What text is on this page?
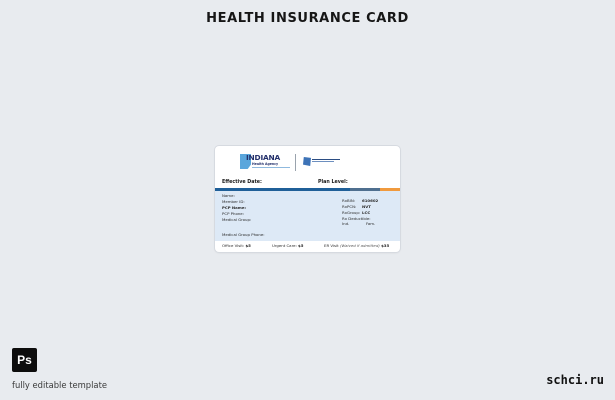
HEALTH INSURANCE CARD
INDIANA
Health Agency
Effective Date:	Plan Level:
Name:
Member ID:
PCP Name:
PCP Phone:
Medical Group:
Medical Group Phone:
RxBIN: 610602
RxPCN: NVT
RxGroup: LCC
Rx Deductible:
Ind.	Fam.
Office Visit: $5	Urgent Care: $5	ER Visit (Waived if admitted) $35
Ps
fully editable template	schci.ru
